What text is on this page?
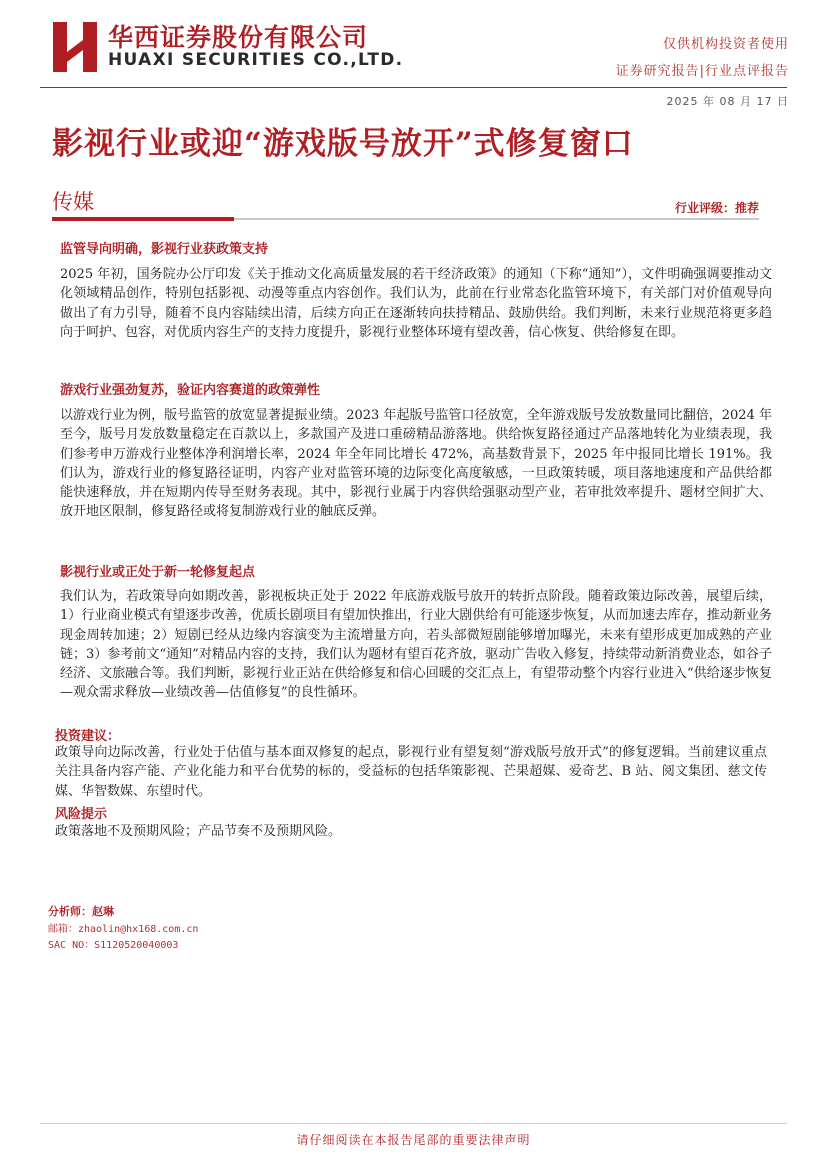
华西证券股份有限公司
HUAXI SECURITIES CO.,LTD.
仅供机构投资者使用
证券研究报告|行业点评报告
2025 年 08 月 17 日
影视行业或迎“游戏版号放开”式修复窗口
传媒	行业评级：推荐
监管导向明确，影视行业获政策支持
2025 年初，国务院办公厅印发《关于推动文化高质量发展的若干经济政策》的通知（下称“通知”），文件明确强调要推动文化领域精品创作，特别包括影视、动漫等重点内容创作。我们认为，此前在行业常态化监管环境下，有关部门对价值观导向做出了有力引导，随着不良内容陆续出清，后续方向正在逐渐转向扶持精品、鼓励供给。我们判断，未来行业规范将更多趋向于呵护、包容，对优质内容生产的支持力度提升，影视行业整体环境有望改善，信心恢复、供给修复在即。
游戏行业强劲复苏，验证内容赛道的政策弹性
以游戏行业为例，版号监管的放宽显著提振业绩。2023 年起版号监管口径放宽，全年游戏版号发放数量同比翻倍，2024 年至今，版号月发放数量稳定在百款以上，多款国产及进口重磅精品游落地。供给恢复路径通过产品落地转化为业绩表现，我们参考申万游戏行业整体净利润增长率，2024 年全年同比增长 472%，高基数背景下，2025 年中报同比增长 191%。我们认为，游戏行业的修复路径证明，内容产业对监管环境的边际变化高度敏感，一旦政策转暖，项目落地速度和产品供给都能快速释放，并在短期内传导至财务表现。其中，影视行业属于内容供给强驱动型产业，若审批效率提升、题材空间扩大、放开地区限制，修复路径或将复制游戏行业的触底反弹。
影视行业或正处于新一轮修复起点
我们认为，若政策导向如期改善，影视板块正处于 2022 年底游戏版号放开的转折点阶段。随着政策边际改善，展望后续，1）行业商业模式有望逐步改善，优质长剧项目有望加快推出，行业大剧供给有可能逐步恢复，从而加速去库存，推动新业务现金周转加速；2）短剧已经从边缘内容演变为主流增量方向，若头部微短剧能够增加曝光，未来有望形成更加成熟的产业链；3）参考前文“通知”对精品内容的支持，我们认为题材有望百花齐放，驱动广告收入修复，持续带动新消费业态，如谷子经济、文旅融合等。我们判断，影视行业正站在供给修复和信心回暖的交汇点上，有望带动整个内容行业进入“供给逐步恢复—观众需求释放—业绩改善—估值修复”的良性循环。
投资建议：
政策导向边际改善，行业处于估值与基本面双修复的起点，影视行业有望复刻“游戏版号放开式”的修复逻辑。当前建议重点关注具备内容产能、产业化能力和平台优势的标的，受益标的包括华策影视、芒果超媒、爱奇艺、B 站、阅文集团、慈文传媒、华智数媒、东望时代。
风险提示
政策落地不及预期风险；产品节奏不及预期风险。
分析师：赵琳
邮箱：zhaolin@hx168.com.cn
SAC NO：S1120520040003
请仔细阅读在本报告尾部的重要法律声明
